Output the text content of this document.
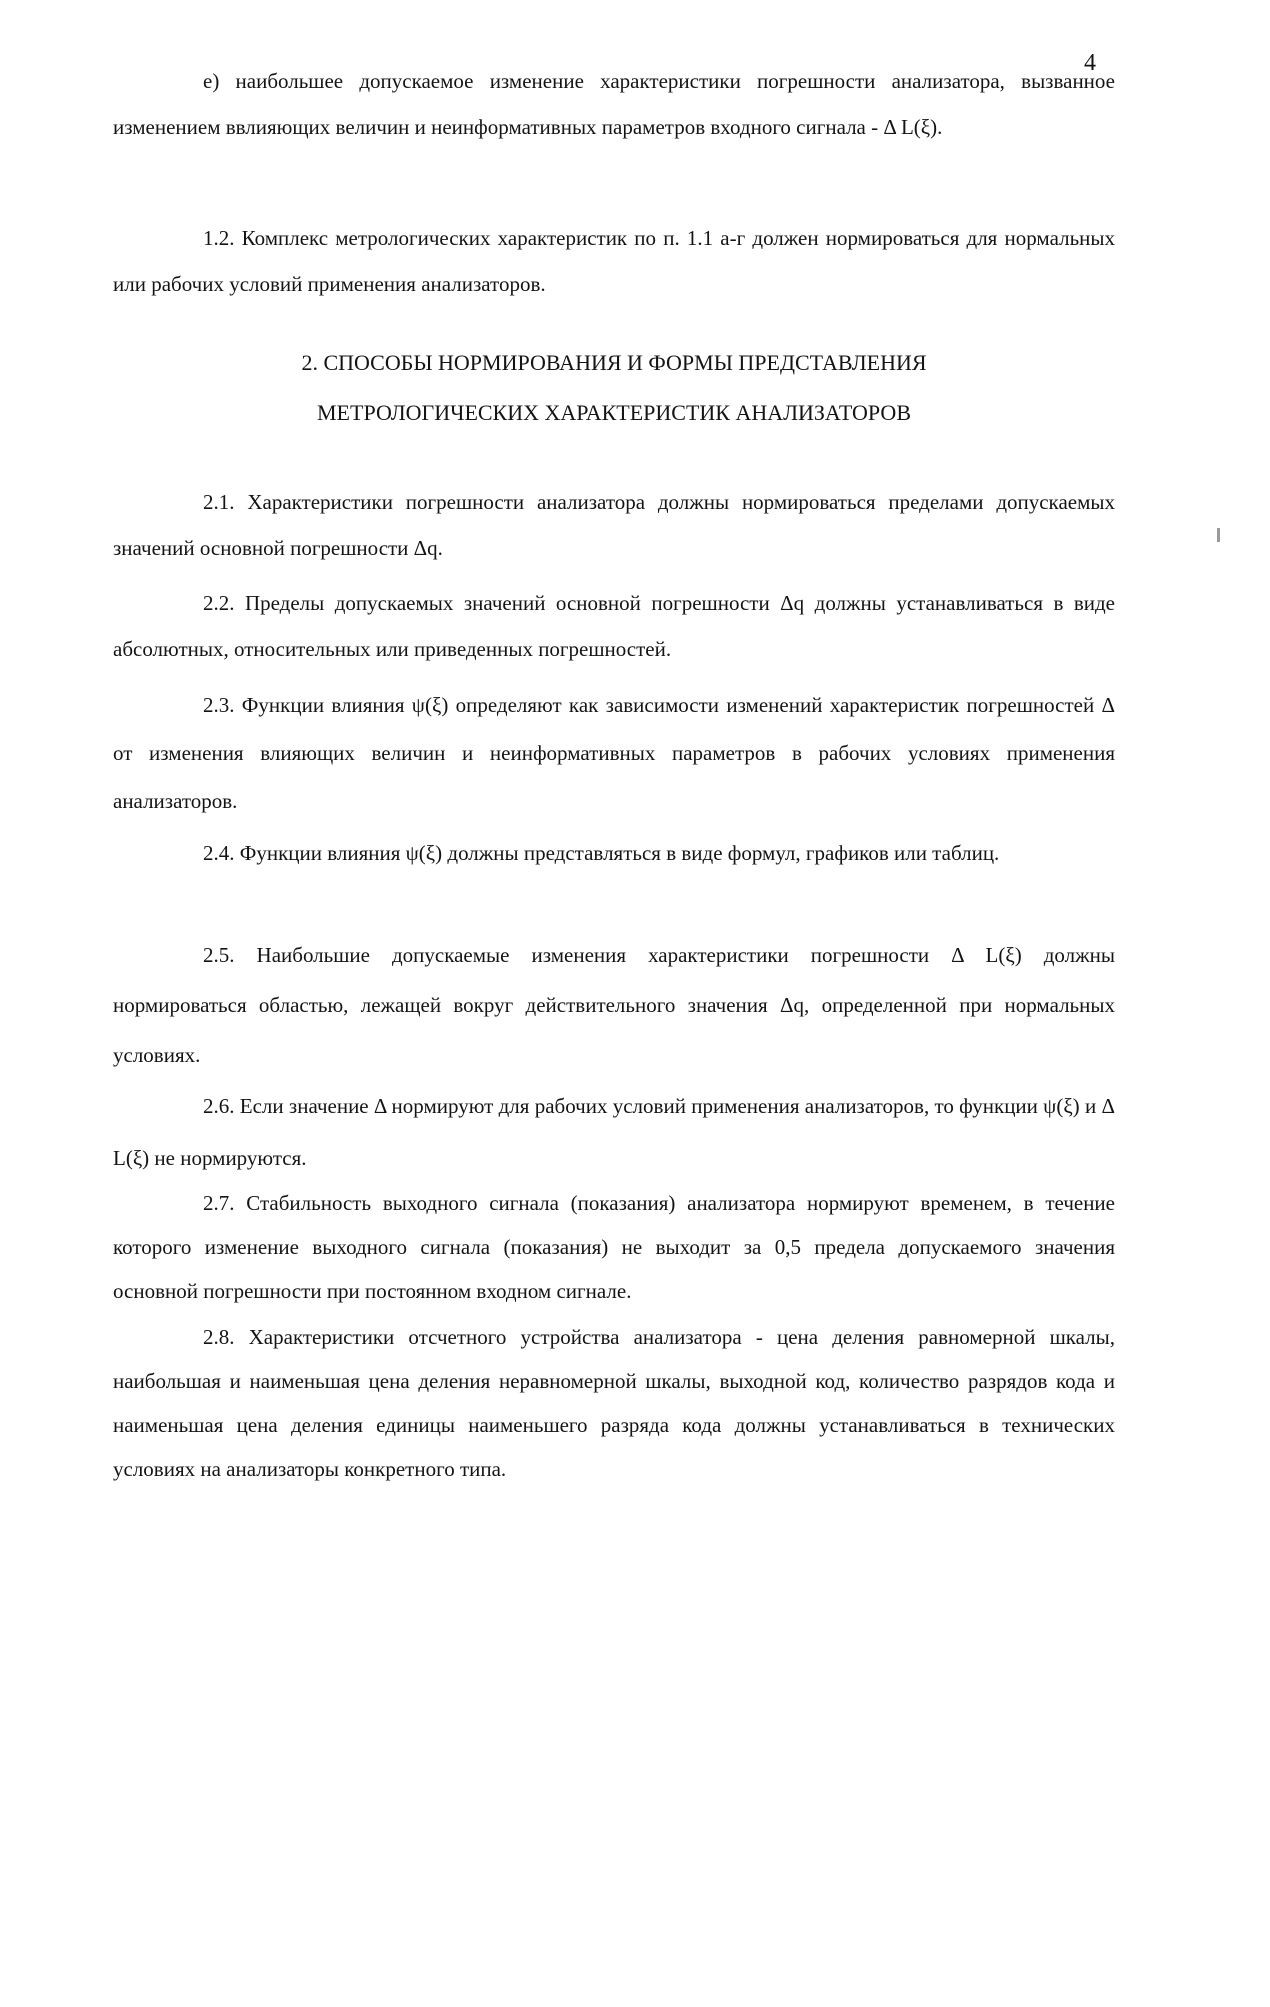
4

е) наибольшее допускаемое изменение характеристики погрешности анализатора, вызванное изменением ввлияющих величин и неинформативных параметров входного сигнала - Δ L(ξ).

1.2. Комплекс метрологических характеристик по п. 1.1 а-г должен нормироваться для нормальных или рабочих условий применения анализаторов.

2. СПОСОБЫ НОРМИРОВАНИЯ И ФОРМЫ ПРЕДСТАВЛЕНИЯ
МЕТРОЛОГИЧЕСКИХ ХАРАКТЕРИСТИК АНАЛИЗАТОРОВ

2.1. Характеристики погрешности анализатора должны нормироваться пределами допускаемых значений основной погрешности Δq.

2.2. Пределы допускаемых значений основной погрешности Δq должны устанавливаться в виде абсолютных, относительных или приведенных погрешностей.

2.3. Функции влияния ψ(ξ) определяют как зависимости изменений характеристик погрешностей Δ от изменения влияющих величин и неинформативных параметров в рабочих условиях применения анализаторов.

2.4. Функции влияния ψ(ξ) должны представляться в виде формул, графиков или таблиц.

2.5. Наибольшие допускаемые изменения характеристики погрешности Δ L(ξ) должны нормироваться областью, лежащей вокруг действительного значения Δq, определенной при нормальных условиях.

2.6. Если значение Δ нормируют для рабочих условий применения анализаторов, то функции ψ(ξ) и Δ L(ξ) не нормируются.

2.7. Стабильность выходного сигнала (показания) анализатора нормируют временем, в течение которого изменение выходного сигнала (показания) не выходит за 0,5 предела допускаемого значения основной погрешности при постоянном входном сигнале.

2.8. Характеристики отсчетного устройства анализатора - цена деления равномерной шкалы, наибольшая и наименьшая цена деления неравномерной шкалы, выходной код, количество разрядов кода и наименьшая цена деления единицы наименьшего разряда кода должны устанавливаться в технических условиях на анализаторы конкретного типа.
